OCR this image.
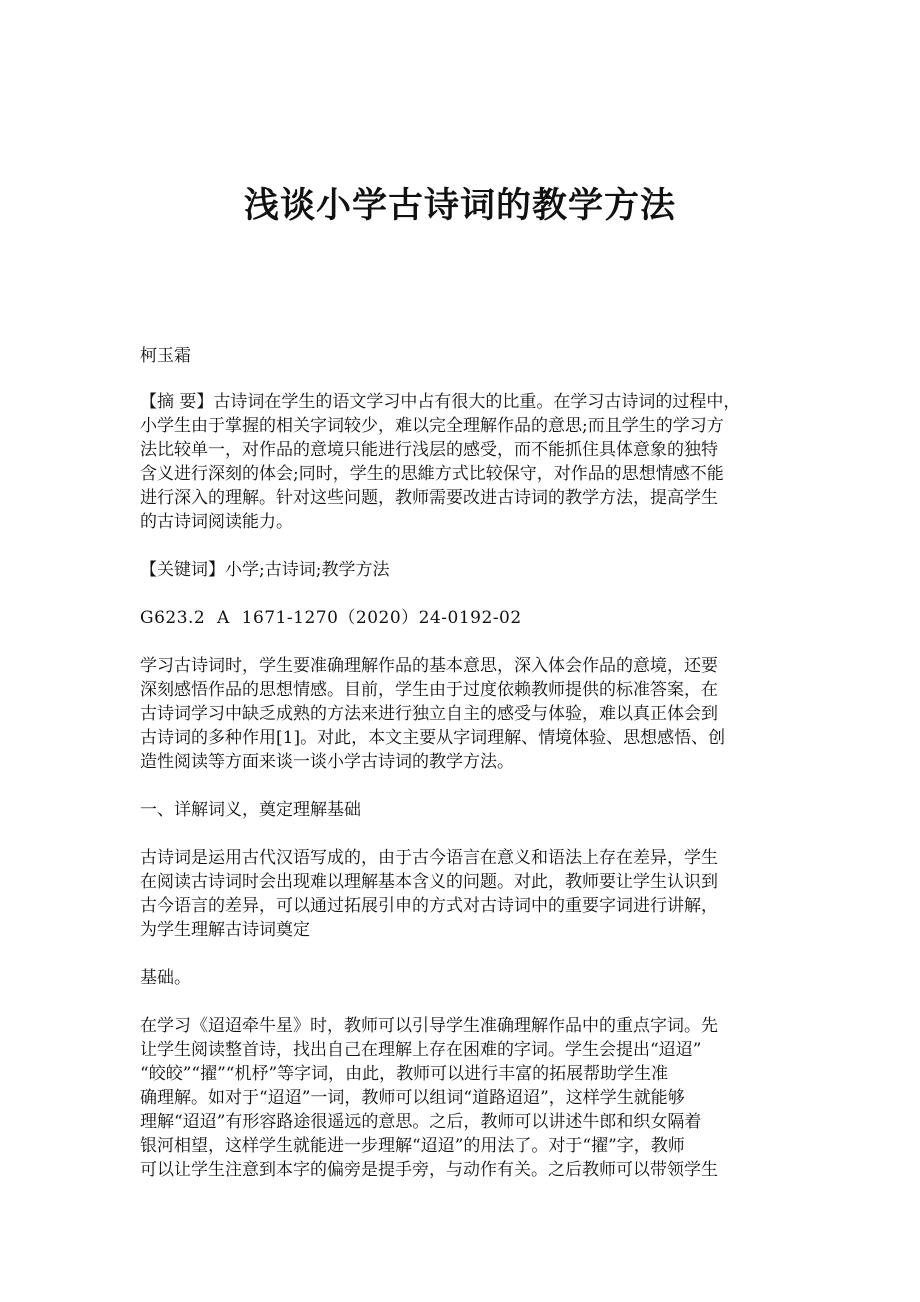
浅谈小学古诗词的教学方法

柯玉霜

【摘 要】古诗词在学生的语文学习中占有很大的比重。在学习古诗词的过程中，
小学生由于掌握的相关字词较少，难以完全理解作品的意思;而且学生的学习方
法比较单一，对作品的意境只能进行浅层的感受，而不能抓住具体意象的独特
含义进行深刻的体会;同时，学生的思維方式比较保守，对作品的思想情感不能
进行深入的理解。针对这些问题，教师需要改进古诗词的教学方法，提高学生
的古诗词阅读能力。

【关键词】小学;古诗词;教学方法

G623.2  A  1671-1270（2020）24-0192-02

学习古诗词时，学生要准确理解作品的基本意思，深入体会作品的意境，还要
深刻感悟作品的思想情感。目前，学生由于过度依赖教师提供的标准答案，在
古诗词学习中缺乏成熟的方法来进行独立自主的感受与体验，难以真正体会到
古诗词的多种作用[1]。对此，本文主要从字词理解、情境体验、思想感悟、创
造性阅读等方面来谈一谈小学古诗词的教学方法。

一、详解词义，奠定理解基础

古诗词是运用古代汉语写成的，由于古今语言在意义和语法上存在差异，学生
在阅读古诗词时会出现难以理解基本含义的问题。对此，教师要让学生认识到
古今语言的差异，可以通过拓展引申的方式对古诗词中的重要字词进行讲解，
为学生理解古诗词奠定

基础。

在学习《迢迢牵牛星》时，教师可以引导学生准确理解作品中的重点字词。先
让学生阅读整首诗，找出自己在理解上存在困难的字词。学生会提出“迢迢”
“皎皎”“擢”“机杼”等字词，由此，教师可以进行丰富的拓展帮助学生准
确理解。如对于“迢迢”一词，教师可以组词“道路迢迢”，这样学生就能够
理解“迢迢”有形容路途很遥远的意思。之后，教师可以讲述牛郎和织女隔着
银河相望，这样学生就能进一步理解“迢迢”的用法了。对于“擢”字，教师
可以让学生注意到本字的偏旁是提手旁，与动作有关。之后教师可以带领学生
